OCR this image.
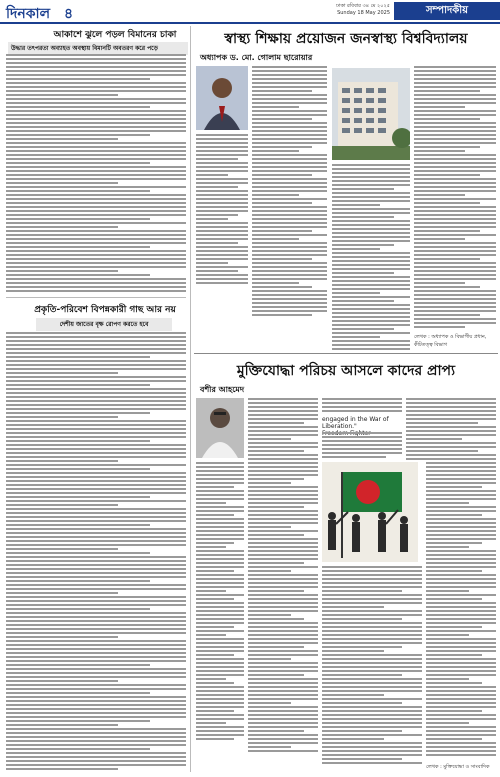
দিনকাল ৪	ঢাকা রবিবার ৩৪ মে ২০২৫
Sunday 18 May 2025	সম্পাদকীয়
আকাশে ঝুলে পড়ল বিমানের চাকা
উদ্ধার তৎপরতা অব্যাহত অবস্থায় বিমানটি অবতরণ করে পড়ে
প্রকৃতি-পরিবেশ বিপন্নকারী গাছ আর নয়
দেশীয় জাতের বৃক্ষ রোপণ করতে হবে
স্বাস্থ্য শিক্ষায় প্রয়োজন জনস্বাস্থ্য বিশ্ববিদ্যালয়
অধ্যাপক ড. মো. গোলাম ছারোয়ার
লেখক : অধ্যাপক ও বিভাগীয় প্রধান, কীটতত্ত্ব বিভাগ
মুক্তিযোদ্ধা পরিচয় আসলে কাদের প্রাপ্য
বশীর আহমেদ
engaged in the War of Liberation."
লেখক : মুক্তিযোদ্ধা ও সাংবাদিক
